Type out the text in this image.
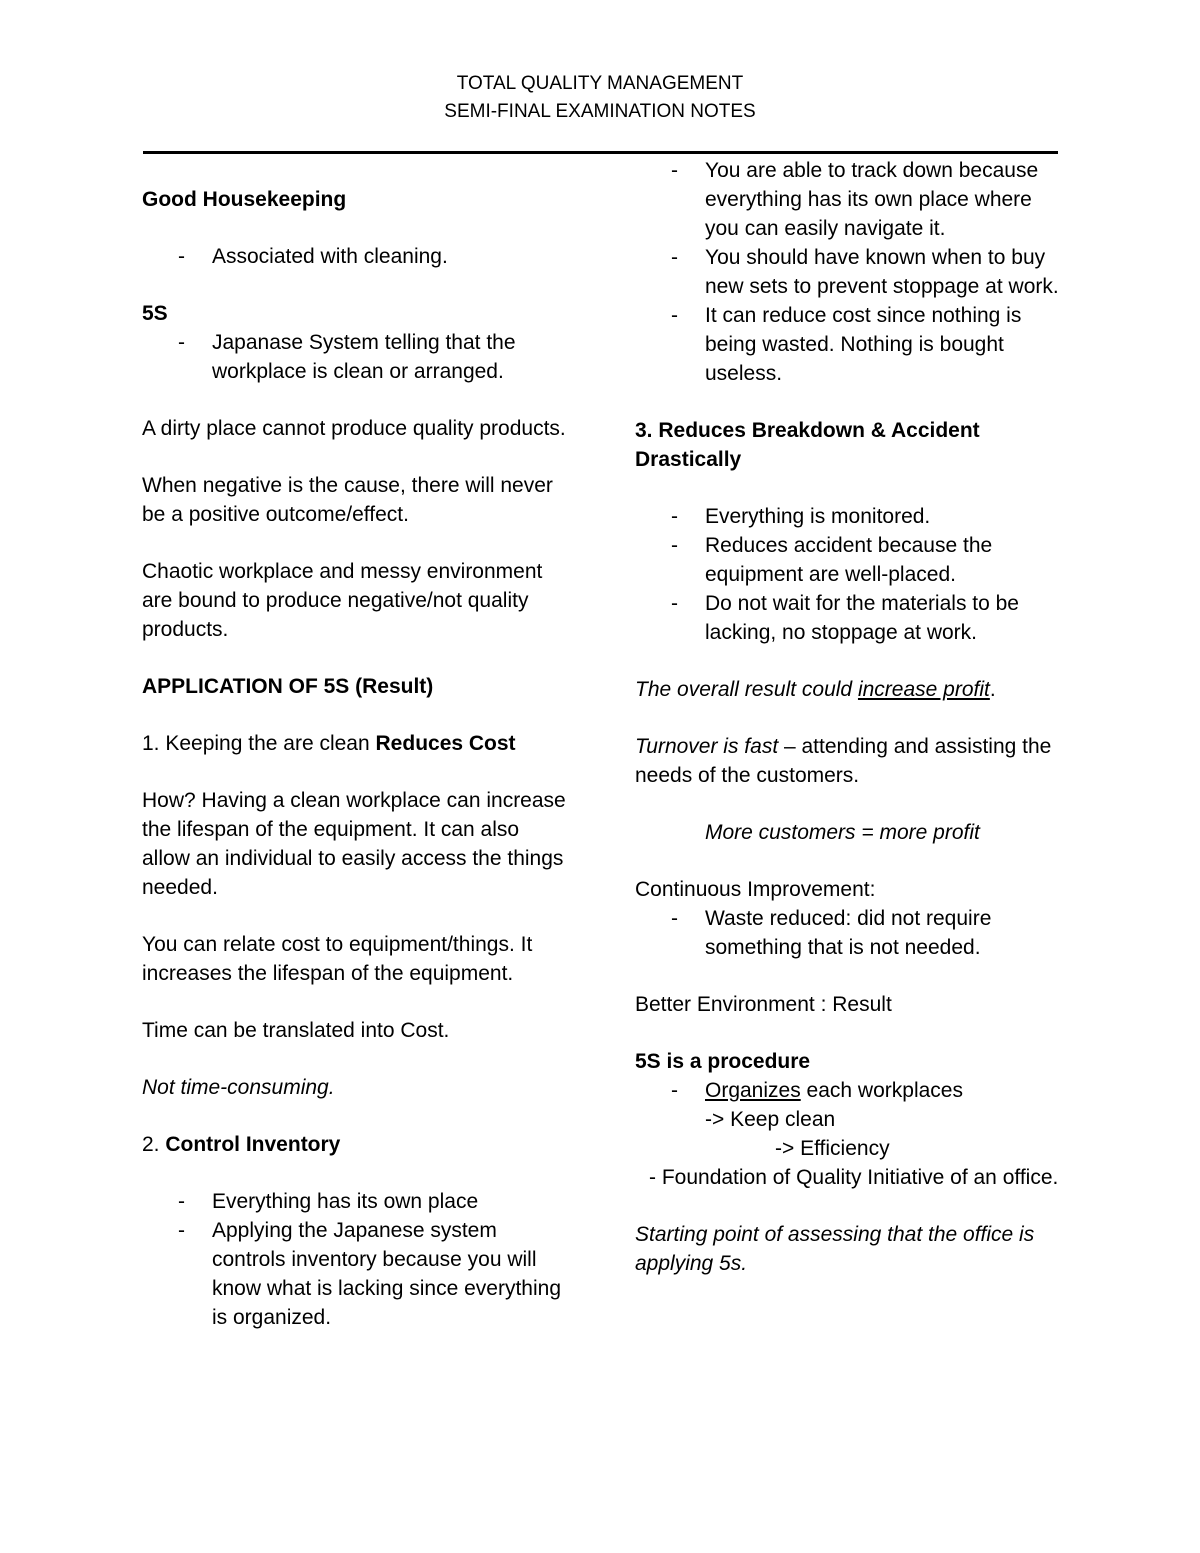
TOTAL QUALITY MANAGEMENT
SEMI-FINAL EXAMINATION NOTES

Good Housekeeping

- Associated with cleaning.

5S

- Japanase System telling that the workplace is clean or arranged.

A dirty place cannot produce quality products.

When negative is the cause, there will never be a positive outcome/effect.

Chaotic workplace and messy environment are bound to produce negative/not quality products.

APPLICATION OF 5S (Result)

1. Keeping the are clean Reduces Cost

How? Having a clean workplace can increase the lifespan of the equipment. It can also allow an individual to easily access the things needed.

You can relate cost to equipment/things. It increases the lifespan of the equipment.

Time can be translated into Cost.

Not time-consuming.

2. Control Inventory

- Everything has its own place
- Applying the Japanese system controls inventory because you will know what is lacking since everything is organized.
- You are able to track down because everything has its own place where you can easily navigate it.
- You should have known when to buy new sets to prevent stoppage at work.
- It can reduce cost since nothing is being wasted. Nothing is bought useless.

3. Reduces Breakdown & Accident Drastically

- Everything is monitored.
- Reduces accident because the equipment are well-placed.
- Do not wait for the materials to be lacking, no stoppage at work.

The overall result could increase profit.

Turnover is fast – attending and assisting the needs of the customers.

More customers = more profit

Continuous Improvement:

- Waste reduced: did not require something that is not needed.

Better Environment : Result

5S is a procedure

- Organizes each workplaces

-> Keep clean

-> Efficiency

- Foundation of Quality Initiative of an office.

Starting point of assessing that the office is applying 5s.
